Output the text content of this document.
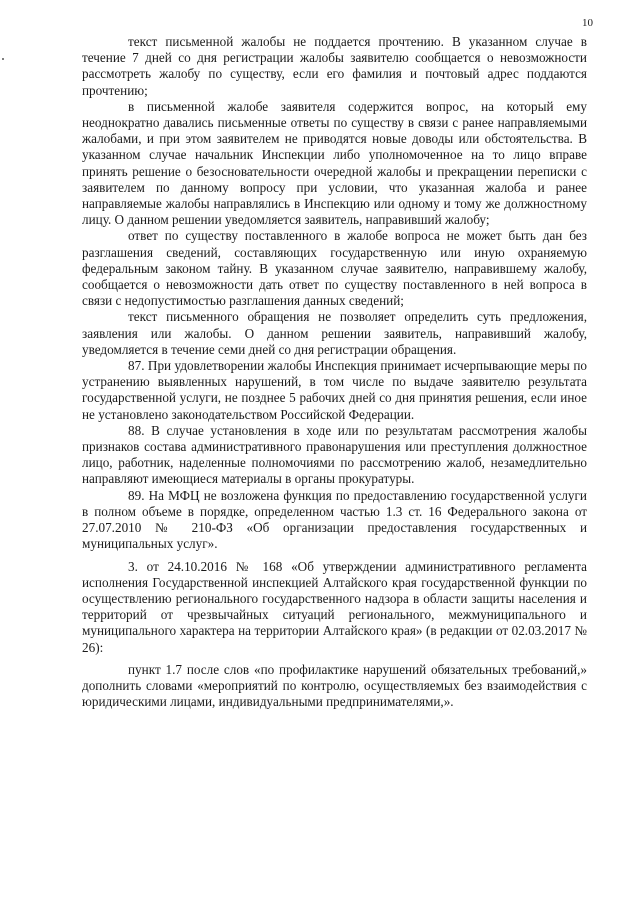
10

текст письменной жалобы не поддается прочтению. В указанном случае в течение 7 дней со дня регистрации жалобы заявителю сообщается о невозможности рассмотреть жалобу по существу, если его фамилия и почтовый адрес поддаются прочтению;

в письменной жалобе заявителя содержится вопрос, на который ему неоднократно давались письменные ответы по существу в связи с ранее направляемыми жалобами, и при этом заявителем не приводятся новые доводы или обстоятельства. В указанном случае начальник Инспекции либо уполномоченное на то лицо вправе принять решение о безосновательности очередной жалобы и прекращении переписки с заявителем по данному вопросу при условии, что указанная жалоба и ранее направляемые жалобы направлялись в Инспекцию или одному и тому же должностному лицу. О данном решении уведомляется заявитель, направивший жалобу;

ответ по существу поставленного в жалобе вопроса не может быть дан без разглашения сведений, составляющих государственную или иную охраняемую федеральным законом тайну. В указанном случае заявителю, направившему жалобу, сообщается о невозможности дать ответ по существу поставленного в ней вопроса в связи с недопустимостью разглашения данных сведений;

текст письменного обращения не позволяет определить суть предложения, заявления или жалобы. О данном решении заявитель, направивший жалобу, уведомляется в течение семи дней со дня регистрации обращения.

87. При удовлетворении жалобы Инспекция принимает исчерпывающие меры по устранению выявленных нарушений, в том числе по выдаче заявителю результата государственной услуги, не позднее 5 рабочих дней со дня принятия решения, если иное не установлено законодательством Российской Федерации.

88. В случае установления в ходе или по результатам рассмотрения жалобы признаков состава административного правонарушения или преступления должностное лицо, работник, наделенные полномочиями по рассмотрению жалоб, незамедлительно направляют имеющиеся материалы в органы прокуратуры.

89. На МФЦ не возложена функция по предоставлению государственной услуги в полном объеме в порядке, определенном частью 1.3 ст. 16 Федерального закона от 27.07.2010 № 210-ФЗ «Об организации предоставления государственных и муниципальных услуг».

3. от 24.10.2016 № 168 «Об утверждении административного регламента исполнения Государственной инспекцией Алтайского края государственной функции по осуществлению регионального государственного надзора в области защиты населения и территорий от чрезвычайных ситуаций регионального, межмуниципального и муниципального характера на территории Алтайского края» (в редакции от 02.03.2017 № 26):

пункт 1.7 после слов «по профилактике нарушений обязательных требований,» дополнить словами «мероприятий по контролю, осуществляемых без взаимодействия с юридическими лицами, индивидуальными предпринимателями,».
